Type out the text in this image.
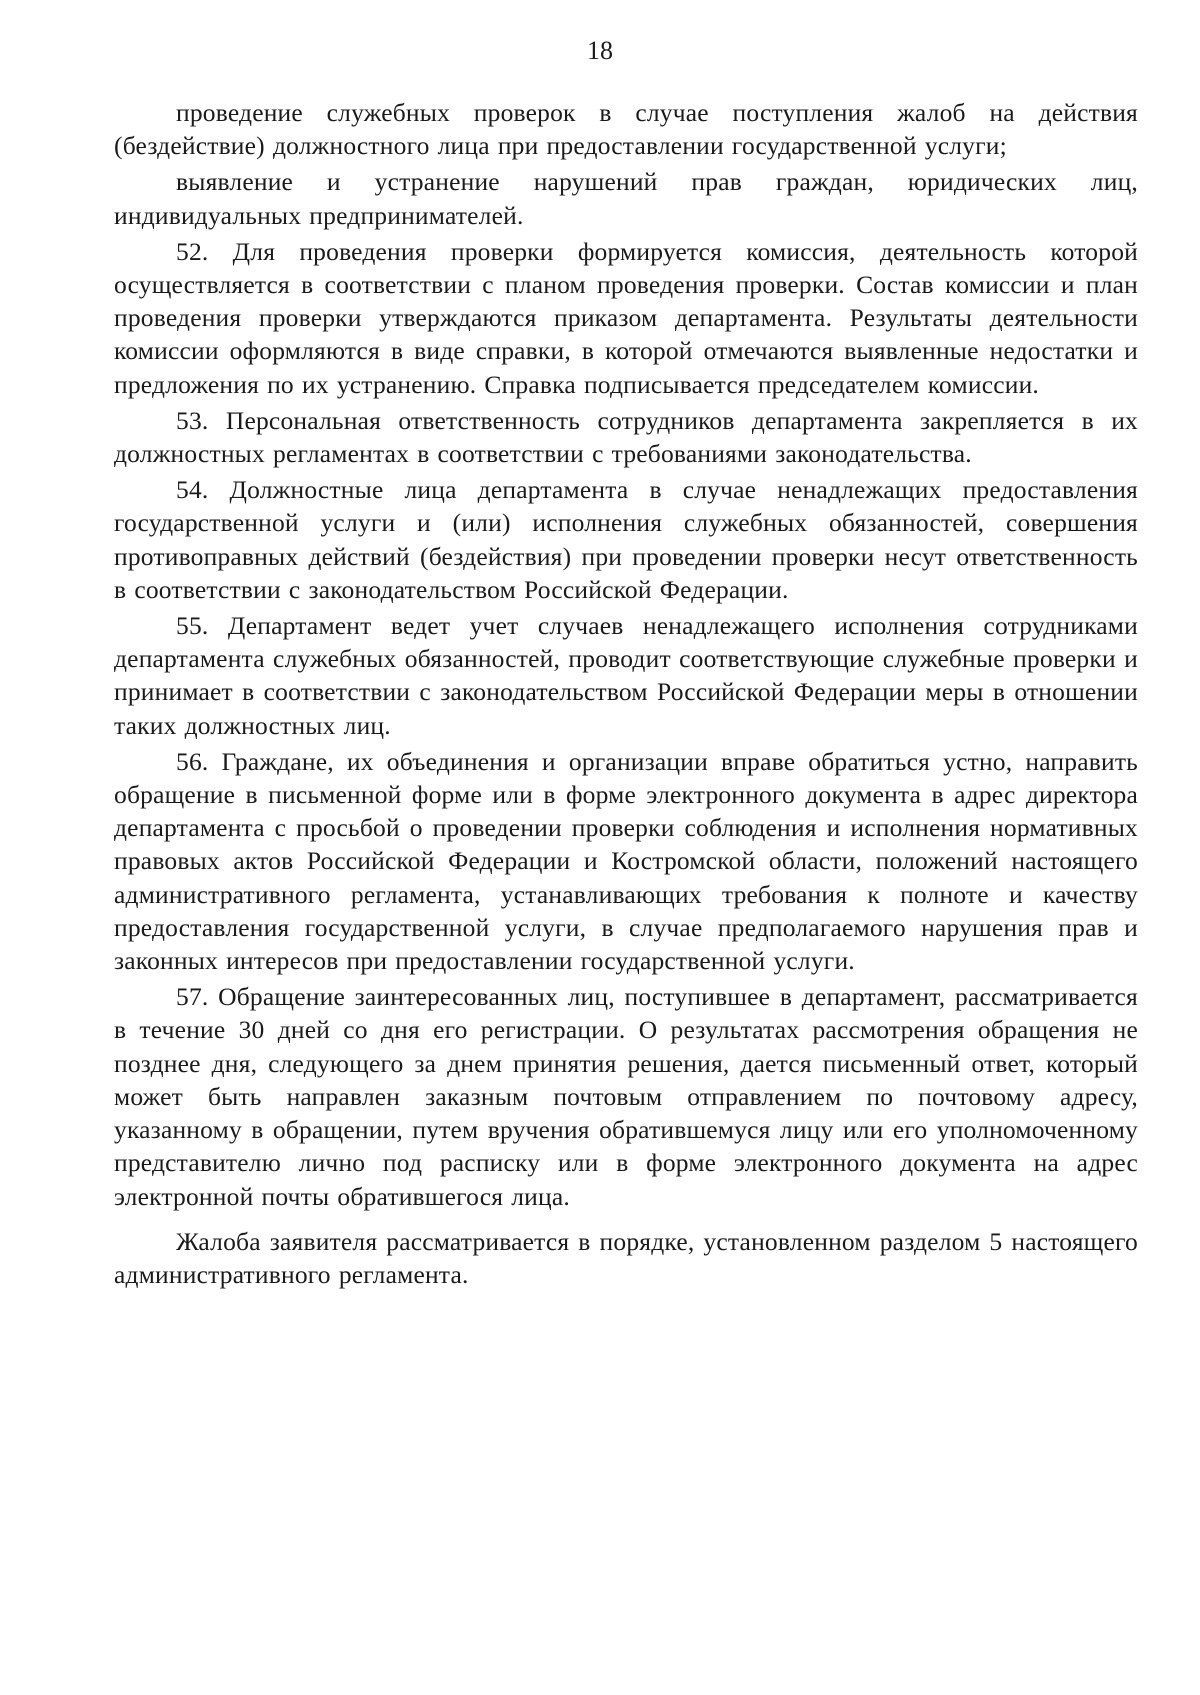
18

проведение служебных проверок в случае поступления жалоб на действия (бездействие) должностного лица при предоставлении государственной услуги;

выявление и устранение нарушений прав граждан, юридических лиц, индивидуальных предпринимателей.

52. Для проведения проверки формируется комиссия, деятельность которой осуществляется в соответствии с планом проведения проверки. Состав комиссии и план проведения проверки утверждаются приказом департамента. Результаты деятельности комиссии оформляются в виде справки, в которой отмечаются выявленные недостатки и предложения по их устранению. Справка подписывается председателем комиссии.

53. Персональная ответственность сотрудников департамента закрепляется в их должностных регламентах в соответствии с требованиями законодательства.

54. Должностные лица департамента в случае ненадлежащих предоставления государственной услуги и (или) исполнения служебных обязанностей, совершения противоправных действий (бездействия) при проведении проверки несут ответственность в соответствии с законодательством Российской Федерации.

55. Департамент ведет учет случаев ненадлежащего исполнения сотрудниками департамента служебных обязанностей, проводит соответствующие служебные проверки и принимает в соответствии с законодательством Российской Федерации меры в отношении таких должностных лиц.

56. Граждане, их объединения и организации вправе обратиться устно, направить обращение в письменной форме или в форме электронного документа в адрес директора департамента с просьбой о проведении проверки соблюдения и исполнения нормативных правовых актов Российской Федерации и Костромской области, положений настоящего административного регламента, устанавливающих требования к полноте и качеству предоставления государственной услуги, в случае предполагаемого нарушения прав и законных интересов при предоставлении государственной услуги.

57. Обращение заинтересованных лиц, поступившее в департамент, рассматривается в течение 30 дней со дня его регистрации. О результатах рассмотрения обращения не позднее дня, следующего за днем принятия решения, дается письменный ответ, который может быть направлен заказным почтовым отправлением по почтовому адресу, указанному в обращении, путем вручения обратившемуся лицу или его уполномоченному представителю лично под расписку или в форме электронного документа на адрес электронной почты обратившегося лица.

Жалоба заявителя рассматривается в порядке, установленном разделом 5 настоящего административного регламента.
